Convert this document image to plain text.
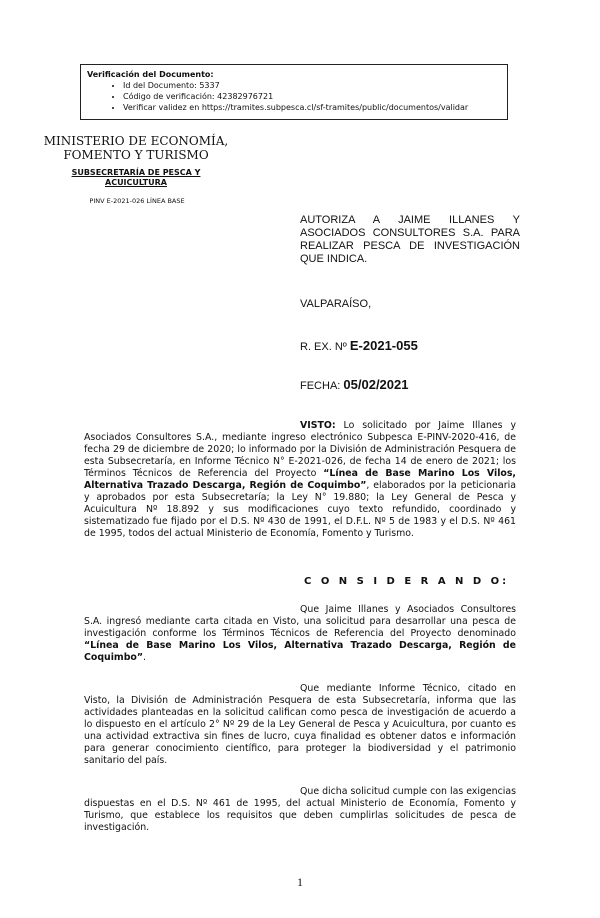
Verificación del Documento:
• Id del Documento: 5337
• Código de verificación: 42382976721
• Verificar validez en https://tramites.subpesca.cl/sf-tramites/public/documentos/validar
MINISTERIO DE ECONOMÍA,
FOMENTO Y TURISMO
SUBSECRETARÍA DE PESCA Y
ACUICULTURA
PINV E-2021-026 LÍNEA BASE
AUTORIZA A JAIME ILLANES Y ASOCIADOS CONSULTORES S.A. PARA REALIZAR PESCA DE INVESTIGACIÓN QUE INDICA.
VALPARAÍSO,
R. EX. Nº E-2021-055
FECHA: 05/02/2021
VISTO: Lo solicitado por Jaime Illanes y Asociados Consultores S.A., mediante ingreso electrónico Subpesca E-PINV-2020-416, de fecha 29 de diciembre de 2020; lo informado por la División de Administración Pesquera de esta Subsecretaría, en Informe Técnico N° E-2021-026, de fecha 14 de enero de 2021; los Términos Técnicos de Referencia del Proyecto “Línea de Base Marino Los Vilos, Alternativa Trazado Descarga, Región de Coquimbo”, elaborados por la peticionaria y aprobados por esta Subsecretaría; la Ley N° 19.880; la Ley General de Pesca y Acuicultura Nº 18.892 y sus modificaciones cuyo texto refundido, coordinado y sistematizado fue fijado por el D.S. Nº 430 de 1991, el D.F.L. Nº 5 de 1983 y el D.S. Nº 461 de 1995, todos del actual Ministerio de Economía, Fomento y Turismo.
C O N S I D E R A N D O:
Que Jaime Illanes y Asociados Consultores S.A. ingresó mediante carta citada en Visto, una solicitud para desarrollar una pesca de investigación conforme los Términos Técnicos de Referencia del Proyecto denominado “Línea de Base Marino Los Vilos, Alternativa Trazado Descarga, Región de Coquimbo”.
Que mediante Informe Técnico, citado en Visto, la División de Administración Pesquera de esta Subsecretaría, informa que las actividades planteadas en la solicitud califican como pesca de investigación de acuerdo a lo dispuesto en el artículo 2° Nº 29 de la Ley General de Pesca y Acuicultura, por cuanto es una actividad extractiva sin fines de lucro, cuya finalidad es obtener datos e información para generar conocimiento científico, para proteger la biodiversidad y el patrimonio sanitario del país.
Que dicha solicitud cumple con las exigencias dispuestas en el D.S. Nº 461 de 1995, del actual Ministerio de Economía, Fomento y Turismo, que establece los requisitos que deben cumplirlas solicitudes de pesca de investigación.
1
